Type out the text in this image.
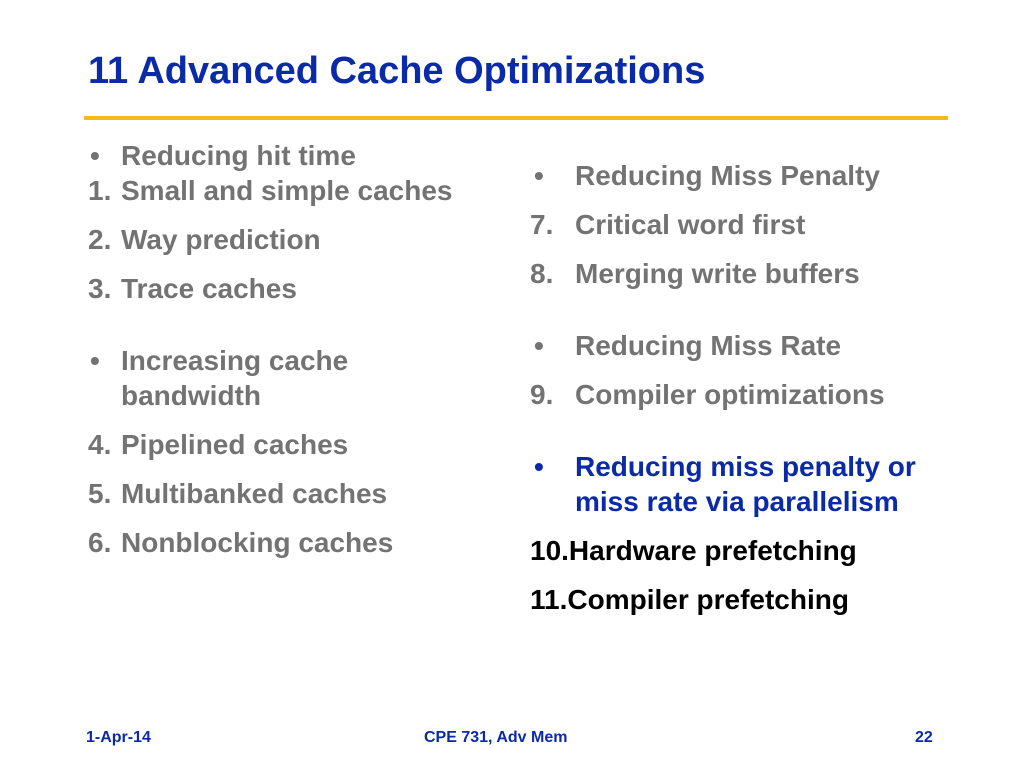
11 Advanced Cache Optimizations
• Reducing hit time
1. Small and simple caches
2. Way prediction
3. Trace caches
• Increasing cache bandwidth
4. Pipelined caches
5. Multibanked caches
6. Nonblocking caches
•	Reducing Miss Penalty
7. Critical word first
8. Merging write buffers
•	Reducing Miss Rate
9. Compiler optimizations
•	Reducing miss penalty or miss rate via parallelism
10.Hardware prefetching
11.Compiler prefetching
1-Apr-14	CPE 731, Adv Mem	22
